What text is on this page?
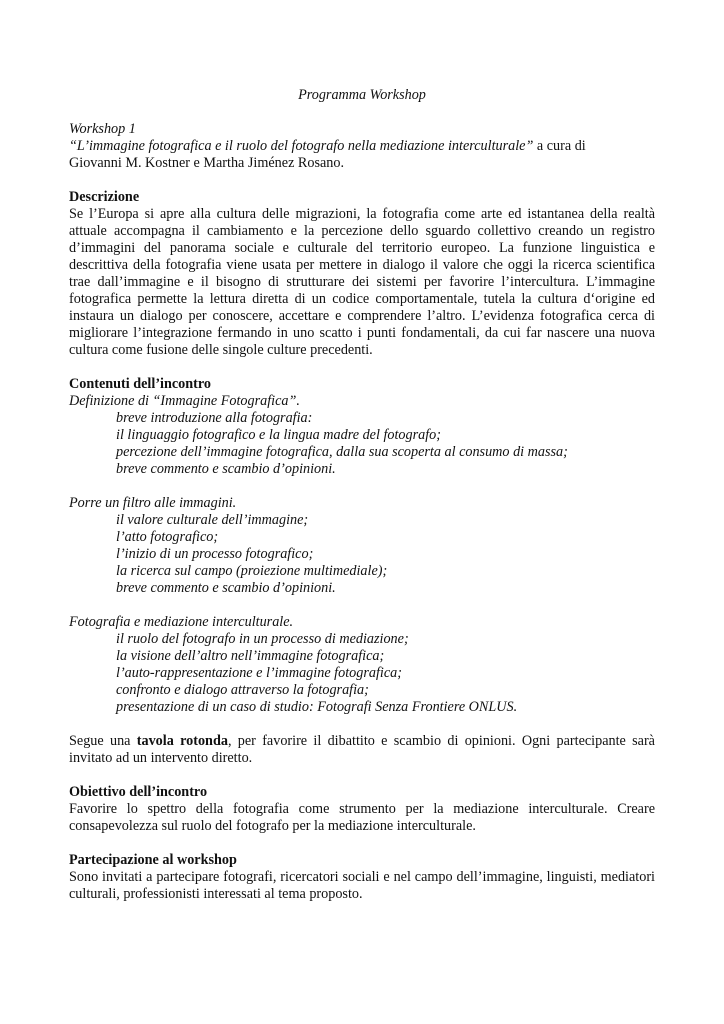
Programma Workshop

Workshop 1

“L’immagine fotografica e il ruolo del fotografo nella mediazione interculturale” a cura di

Giovanni M. Kostner e Martha Jiménez Rosano.

Descrizione

Se l’Europa si apre alla cultura delle migrazioni, la fotografia come arte ed istantanea della realtà attuale accompagna il cambiamento e la percezione dello sguardo collettivo creando un registro d’immagini del panorama sociale e culturale del territorio europeo. La funzione linguistica e descrittiva della fotografia viene usata per mettere in dialogo il valore che oggi la ricerca scientifica trae dall’immagine e il bisogno di strutturare dei sistemi per favorire l’intercultura. L’immagine fotografica permette la lettura diretta di un codice comportamentale, tutela la cultura d‘origine ed instaura un dialogo per conoscere, accettare e comprendere l’altro. L’evidenza fotografica cerca di migliorare l’integrazione fermando in uno scatto i punti fondamentali, da cui far nascere una nuova cultura come fusione delle singole culture precedenti.

Contenuti dell’incontro

Definizione di “Immagine Fotografica”.

breve introduzione alla fotografia:

il linguaggio fotografico e la lingua madre del fotografo;

percezione dell’immagine fotografica, dalla sua scoperta al consumo di massa;

breve commento e scambio d’opinioni.

Porre un filtro alle immagini.

il valore culturale dell’immagine;

l’atto fotografico;

l’inizio di un processo fotografico;

la ricerca sul campo (proiezione multimediale);

breve commento e scambio d’opinioni.

Fotografia e mediazione interculturale.

il ruolo del fotografo in un processo di mediazione;

la visione dell’altro nell’immagine fotografica;

l’auto-rappresentazione e l’immagine fotografica;

confronto e dialogo attraverso la fotografia;

presentazione di un caso di studio: Fotografi Senza Frontiere ONLUS.

Segue una tavola rotonda, per favorire il dibattito e scambio di opinioni. Ogni partecipante sarà invitato ad un intervento diretto.

Obiettivo dell’incontro

Favorire lo spettro della fotografia come strumento per la mediazione interculturale. Creare consapevolezza sul ruolo del fotografo per la mediazione interculturale.

Partecipazione al workshop

Sono invitati a partecipare fotografi, ricercatori sociali e nel campo dell’immagine, linguisti, mediatori culturali, professionisti interessati al tema proposto.
